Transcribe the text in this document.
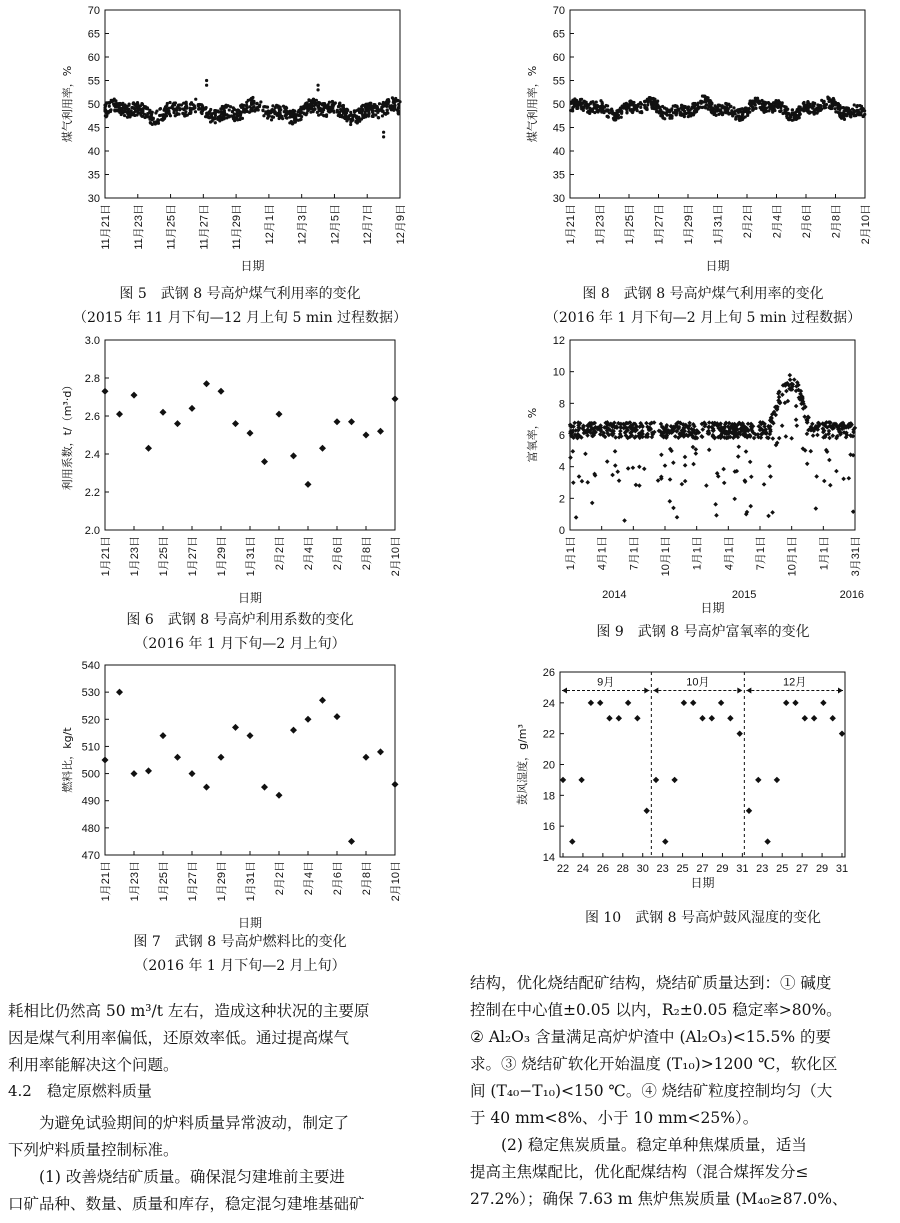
30
35
40
45
50
55
60
65
70
煤气利用率，%
11月21日 11月23日 11月25日 11月27日 11月29日 12月1日 12月3日 12月5日 12月7日 12月9日
日期
30
35
40
45
50
55
60
65
70
煤气利用率，%
1月21日 1月23日 1月25日 1月27日 1月29日 1月31日 2月2日 2月4日 2月6日 2月8日 2月10日
日期
2.0
2.2
2.4
2.6
2.8
3.0
利用系数，t/（m³·d）
1月21日 1月23日 1月25日 1月27日 1月29日 1月31日 2月2日 2月4日 2月6日 2月8日 2月10日
日期
0
2
4
6
8
10
12
富氧率，%
1月1日 4月1日 7月1日 10月1日 1月1日 4月1日 7月1日 10月1日 1月1日 3月31日
2014	2015	2016
日期
470
480
490
500
510
520
530
540
燃料比，kg/t
1月21日 1月23日 1月25日 1月27日 1月29日 1月31日 2月2日 2月4日 2月6日 2月8日 2月10日
日期
14
16
18
20
22
24
26
鼓风湿度，g/m³
22 24 26 28 30 23 25 27 29 31 23 25 27 29 31
9月	10月	12月
日期
图 5　武钢 8 号高炉煤气利用率的变化
（2015 年 11 月下旬—12 月上旬 5 min 过程数据）
图 8　武钢 8 号高炉煤气利用率的变化
（2016 年 1 月下旬—2 月上旬 5 min 过程数据）
图 6　武钢 8 号高炉利用系数的变化
（2016 年 1 月下旬—2 月上旬）
图 9　武钢 8 号高炉富氧率的变化
图 7　武钢 8 号高炉燃料比的变化
（2016 年 1 月下旬—2 月上旬）
图 10　武钢 8 号高炉鼓风湿度的变化

耗相比仍然高 50 m³/t 左右，造成这种状况的主要原

因是煤气利用率偏低，还原效率低。通过提高煤气

利用率能解决这个问题。

4.2　稳定原燃料质量

　　为避免试验期间的炉料质量异常波动，制定了

下列炉料质量控制标准。

　　(1) 改善烧结矿质量。确保混匀建堆前主要进

口矿品种、数量、质量和库存，稳定混匀建堆基础矿

结构，优化烧结配矿结构，烧结矿质量达到：① 碱度

控制在中心值±0.05 以内，R₂±0.05 稳定率>80%。

② Al₂O₃ 含量满足高炉炉渣中 (Al₂O₃)<15.5% 的要

求。③ 烧结矿软化开始温度 (T₁₀)>1200 ℃，软化区

间 (T₄₀−T₁₀)<150 ℃。④ 烧结矿粒度控制均匀（大

于 40 mm<8%、小于 10 mm<25%）。

　　(2) 稳定焦炭质量。稳定单种焦煤质量，适当

提高主焦煤配比，优化配煤结构（混合煤挥发分≤

27.2%）；确保 7.63 m 焦炉焦炭质量 (M₄₀≥87.0%、
